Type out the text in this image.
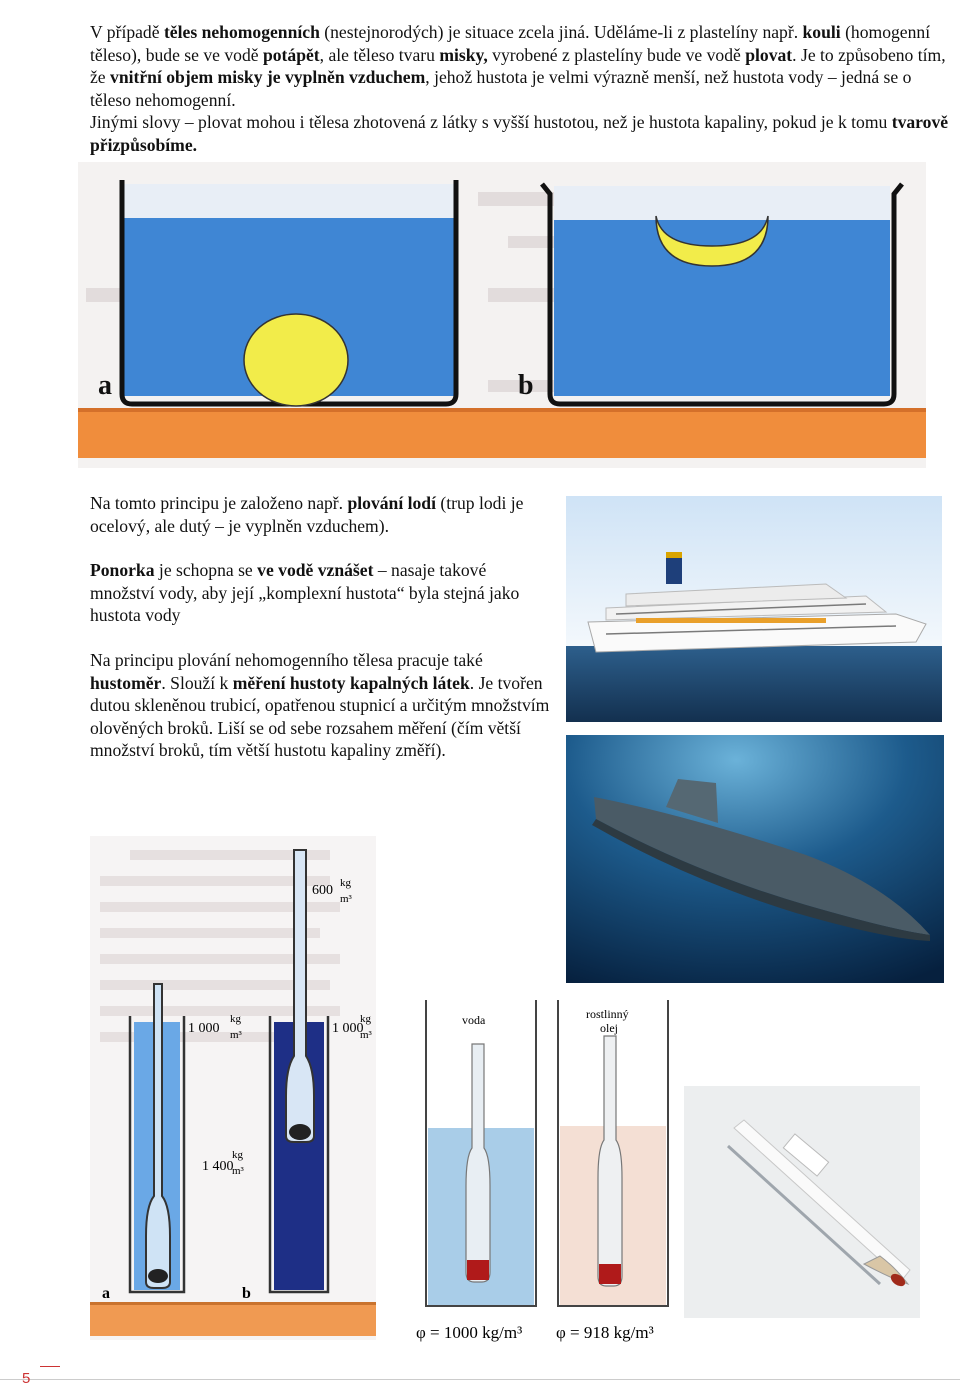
V případě těles nehomogenních (nestejnorodých) je situace zcela jiná. Uděláme-li z plastelíny např. kouli (homogenní těleso), bude se ve vodě potápět, ale těleso tvaru misky, vyrobené z plastelíny bude ve vodě plovat. Je to způsobeno tím, že vnitřní objem misky je vyplněn vzduchem, jehož hustota je velmi výrazně menší, než hustota vody – jedná se o těleso nehomogenní.
Jinými slovy – plovat mohou i tělesa zhotovená z látky s vyšší hustotou, než je hustota kapaliny, pokud je k tomu tvarově přizpůsobíme.
a	b

Na tomto principu je založeno např. plování lodí (trup lodi je ocelový, ale dutý – je vyplněn vzduchem).

Ponorka je schopna se ve vodě vznášet – nasaje takové množství vody, aby její „komplexní hustota“ byla stejná jako hustota vody

Na principu plování nehomogenního tělesa pracuje také hustoměr. Slouží k měření hustoty kapalných látek. Je tvořen dutou skleněnou trubicí, opatřenou stupnicí a určitým množstvím olověných broků. Liší se od sebe rozsahem měření (čím větší množství broků, tím větší hustotu kapaliny změří).

600 kg
m³
1 000
kg
m³	1 000
kg
m³
1 400
kg
m³
a	b
voda	rostlinný
olej
φ = 1000 kg/m³ φ = 918 kg/m³
5
